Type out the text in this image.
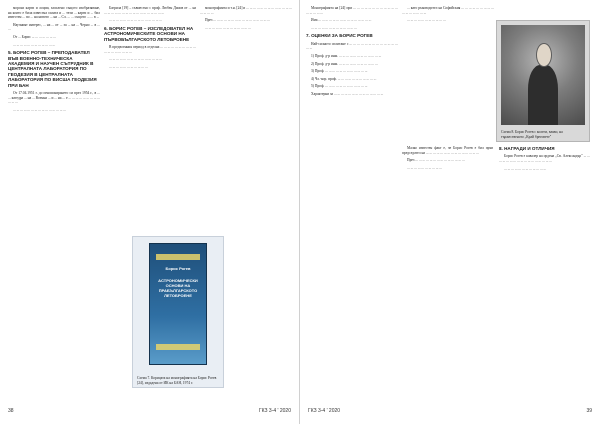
морски карти и лоции, засилено същото изобразяване, на които е била известна силата и ... тези ... карти и ... бил известен ... по ... на новото ... на ... Сл. ... ... същото ... ... в ...

Научният интерес, ... на ... от ... за ... на ... Черно ... в ... ...

От ... Борис ... ... ... ... ... ... ...

... ... ... ... ... ... ... ... ... ... ... ...

5. БОРИС РОГЕВ – ПРЕПОДАВАТЕЛ ВЪВ ВОЕННО-ТЕХНИЧЕСКА АКАДЕМИЯ И НАУЧЕН СЪТРУДНИК В ЦЕНТРАЛНАТА ЛАБОРАТОРИЯ ПО ГЕОДЕЗИЯ В ЦЕНТРАЛНАТА ЛАБОРАТОРИЯ ПО ВИСША ГЕОДЕЗИЯ ПРИ БАН

От 17.04.1951 г. до пенсионирането си през 1954 г., в ... ... катедра ... на ... Военна ... и ... на ... е ... ... ... ... ... ... ... ... ... ... ... ...

... ... ... ... ... ... ... ... ... ... ... ... ... ... ...

Багрила [19] – съвместно с проф. Любен Дамов от ... на ... ... ... ... ... ... ... ... ... ... ... ... ... ... ... ... ...

... ... ... ... ... ... ... ... ... ... ... ... ... ... ...

6. БОРИС РОГЕВ – ИЗСЛЕДОВАТЕЛ НА АСТРОНОМИЧЕСКИТЕ ОСНОВИ НА ПЪРВОБЪЛГАРСКОТО ЛЕТОБРОЕНЕ

В предвоенния период в отделна ... ... ... ... ... ... ... ... ... ... ... ... ... ... ... ... ... ...

... ... ... ... ... ... ... ... ... ... ... ... ... ... ...

... ... ... ... ... ... ... ... ... ... ...

монографията и т.н. [24] и ... ... ... ... ... ... ... ... ... ... ... ... ... ... ... ... ...

През ... ... ... ... ... ... ... ... ... ... ... ... ... ... ... ...

... ... ... ... ... ... ... ... ... ... ... ... ...

Борис Рогев
АСТРОНОМИЧЕСКИ ОСНОВИ НА ПРАБЪЛГАРСКОТО ЛЕТОБРОЕНЕ
Схема 7. Корицата на монографията на Борис Рогев [24], издадена от ИК на БАН, 1974 г.
38	ГКЗ 3-4 ' 2020

Монографията на [24] при ... ... ... ... ... ... ... ... ... ... ... ... ... ... ... ... ...

Има ... ... ... ... ... ... ... ... ... ... ... ... ... ... ...

... ... ... ... ... ... ... ... ... ... ... ... ...

7. ОЦЕНКИ ЗА БОРИС РОГЕВ

Най-силното сплитане с ... ... ... ... ... ... ... ... ... ... ... ... ... ... ...

1) Проф. д-р инж. ... ... ... ... ... ... ... ... ... ... ... ...

2) Проф. д-р инж. ... ... ... ... ... ... ... ... ... ... ...

3) Проф. ... ... ... ... ... ... ... ... ... ... ... ...

4) Чл.-кор. проф. ... ... ... ... ... ... ... ... ... ... ...

5) Проф. ... ... ... ... ... ... ... ... ... ... ... ...

Характерни за ... ... ... ... ... ... ... ... ... ... ... ... ... ...

... като ръководител на Софийския ... ... ... ... ... ... ... ... ... ... ... ... ... ... ... ...

... ... ... ... ... ... ... ... ... ... ...

Схема 8. Борис Рогев с колеги, вляво, на тържественото „Край бреговете"

Малко известен факт е, че Борис Рогев е бил пръв председател на ... ... ... ... ... ... ... ... ... ... ... ... ... ... ...

През ... ... ... ... ... ... ... ... ... ... ... ... ... ...

... ... ... ... ... ... ... ... ... ...

8. НАГРАДИ И ОТЛИЧИЯ

Борис Рогев е кавалер на ордена „Св. Александър" ... ... ... ... ... ... ... ... ... ... ... ... ... ... ... ... ...

... ... ... ... ... ... ... ... ... ... ... ...

ГКЗ 3-4 ' 2020	39
